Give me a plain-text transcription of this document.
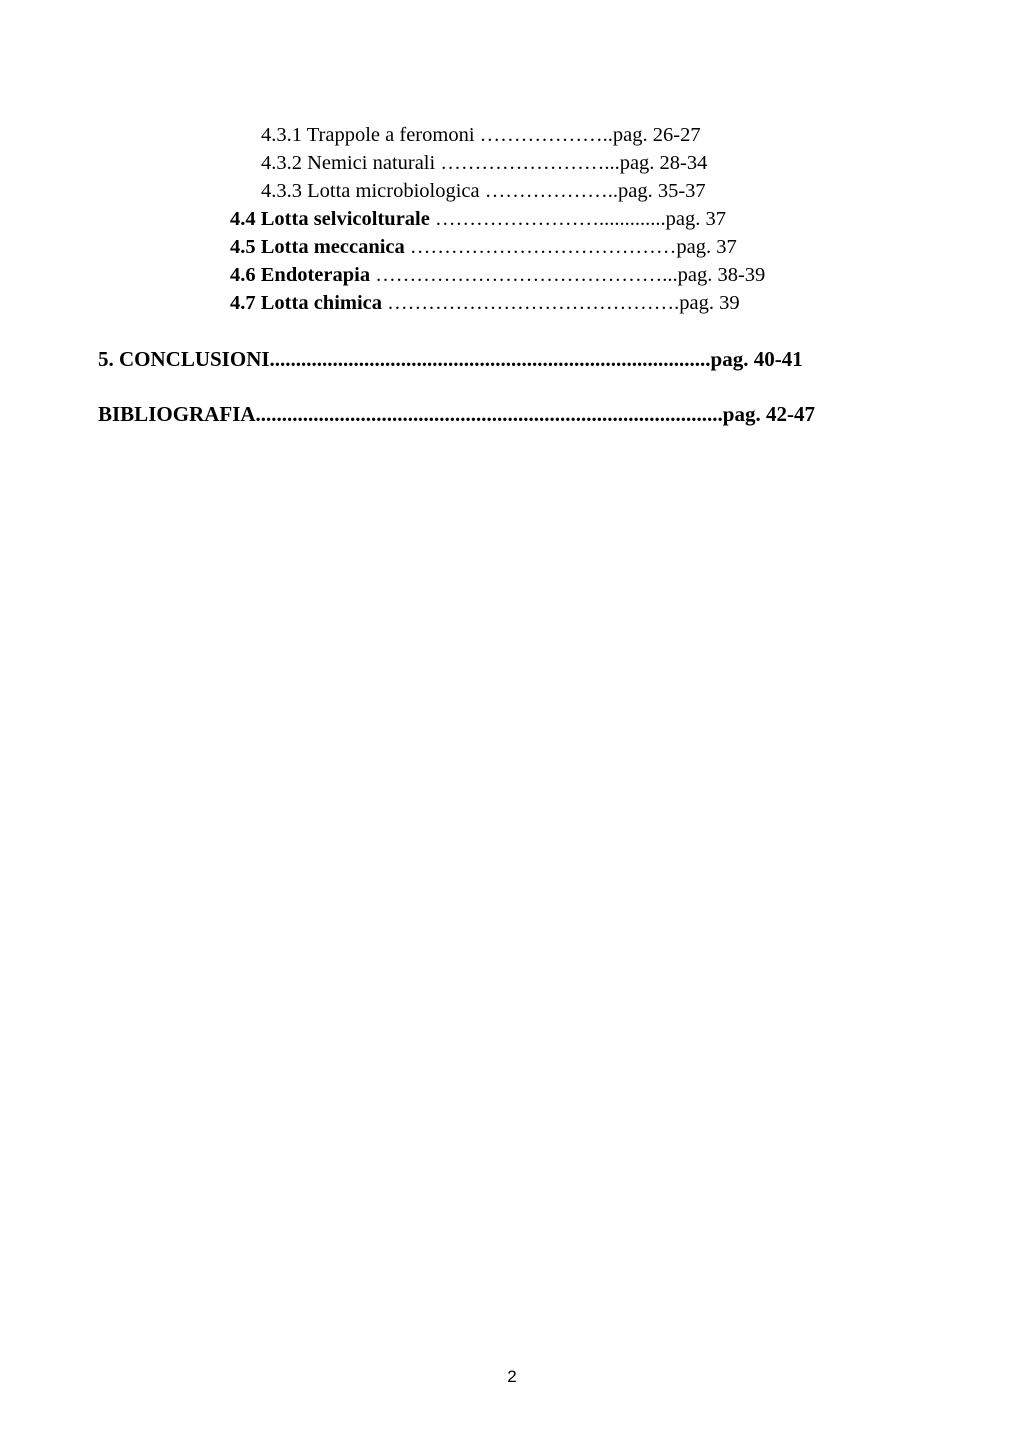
4.3.1 Trappole a feromoni ………………..pag. 26-27
4.3.2 Nemici naturali ……………………...pag. 28-34
4.3.3 Lotta microbiologica ………………..pag. 35-37
4.4 Lotta selvicolturale …………………….............pag. 37
4.5 Lotta meccanica …………………………………pag. 37
4.6 Endoterapia ……………………………………...pag. 38-39
4.7 Lotta chimica …………………………………….pag. 39
5. CONCLUSIONI....................................................................................pag. 40-41
BIBLIOGRAFIA.........................................................................................pag. 42-47
2
